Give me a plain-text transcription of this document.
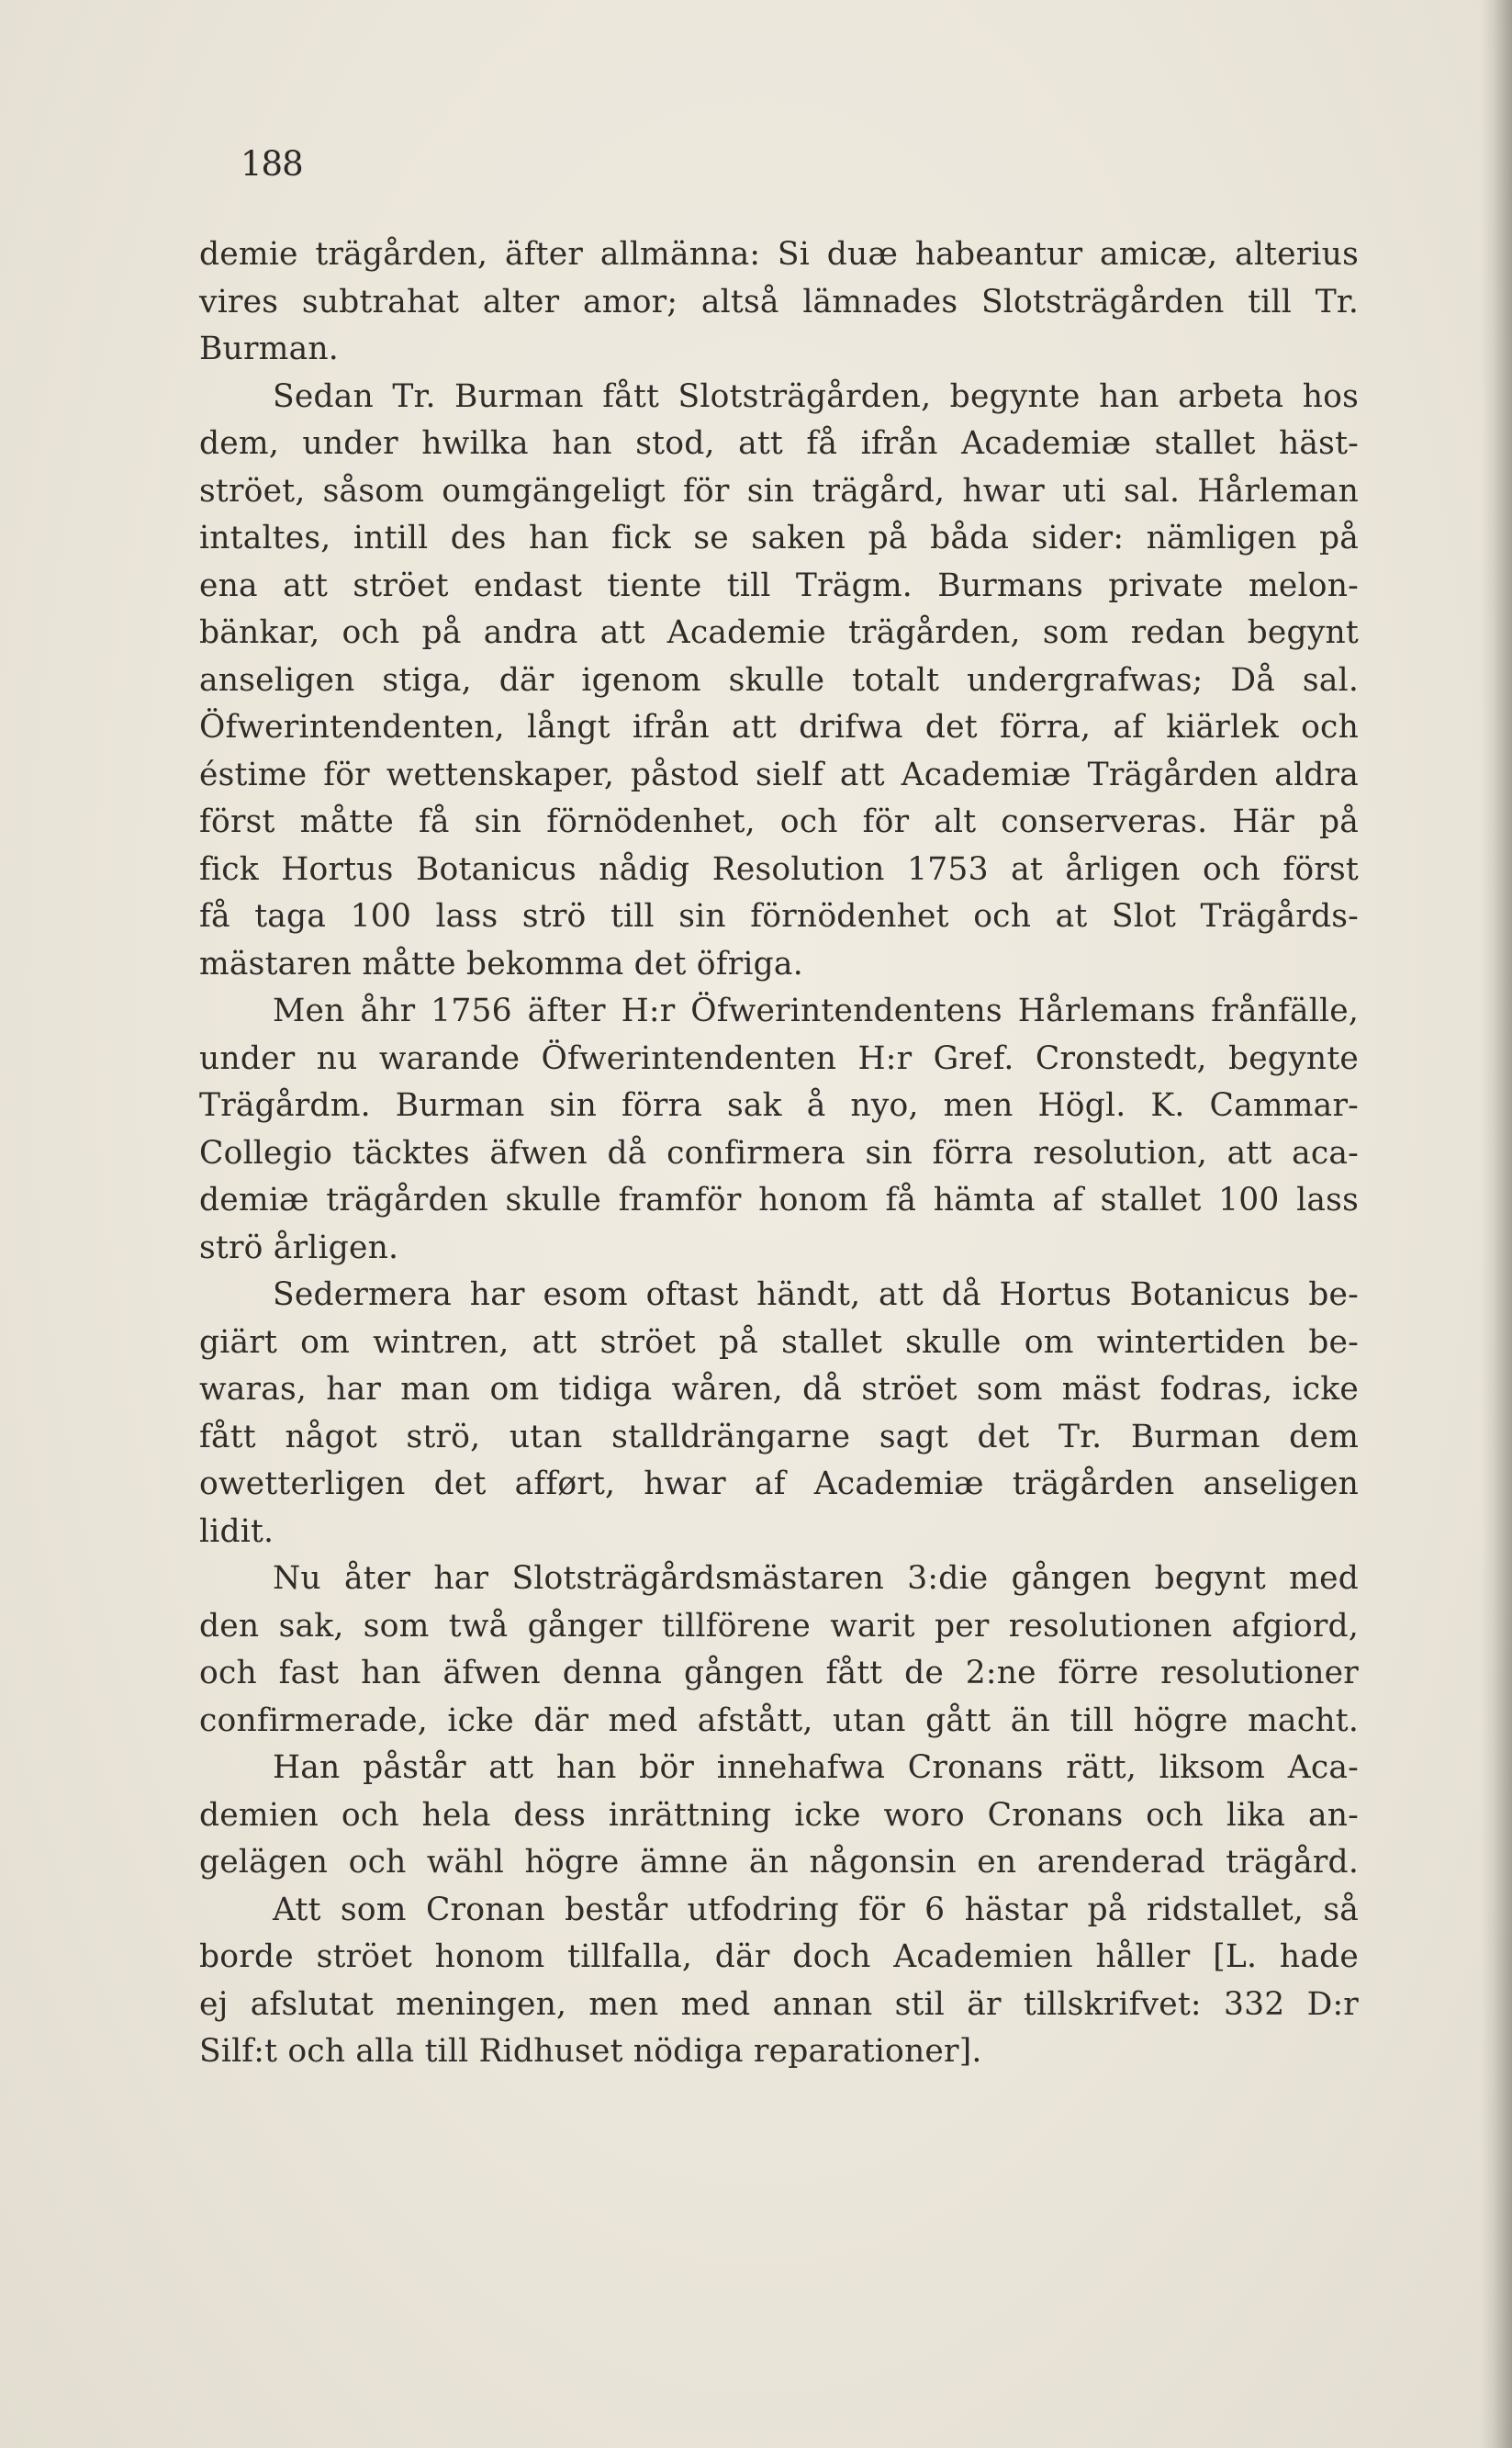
188

demie trägården, äfter allmänna: Si duæ habeantur amicæ, alterius

vires subtrahat alter amor; altså lämnades Slotsträgården till Tr.

Burman.

Sedan Tr. Burman fått Slotsträgården, begynte han arbeta hos

dem, under hwilka han stod, att få ifrån Academiæ stallet häst-

ströet, såsom oumgängeligt för sin trägård, hwar uti sal. Hårleman

intaltes, intill des han fick se saken på båda sider: nämligen på

ena att ströet endast tiente till Trägm. Burmans private melon-

bänkar, och på andra att Academie trägården, som redan begynt

anseligen stiga, där igenom skulle totalt undergrafwas; Då sal.

Öfwerintendenten, långt ifrån att drifwa det förra, af kiärlek och

éstime för wettenskaper, påstod sielf att Academiæ Trägården aldra

först måtte få sin förnödenhet, och för alt conserveras. Här på

fick Hortus Botanicus nådig Resolution 1753 at årligen och först

få taga 100 lass strö till sin förnödenhet och at Slot Trägårds-

mästaren måtte bekomma det öfriga.

Men åhr 1756 äfter H:r Öfwerintendentens Hårlemans frånfälle,

under nu warande Öfwerintendenten H:r Gref. Cronstedt, begynte

Trägårdm. Burman sin förra sak å nyo, men Högl. K. Cammar-

Collegio täcktes äfwen då confirmera sin förra resolution, att aca-

demiæ trägården skulle framför honom få hämta af stallet 100 lass

strö årligen.

Sedermera har esom oftast händt, att då Hortus Botanicus be-

giärt om wintren, att ströet på stallet skulle om wintertiden be-

waras, har man om tidiga wåren, då ströet som mäst fodras, icke

fått något strö, utan stalldrängarne sagt det Tr. Burman dem

owetterligen det afført, hwar af Academiæ trägården anseligen

lidit.

Nu åter har Slotsträgårdsmästaren 3:die gången begynt med

den sak, som twå gånger tillförene warit per resolutionen afgiord,

och fast han äfwen denna gången fått de 2:ne förre resolutioner

confirmerade, icke där med afstått, utan gått än till högre macht.

Han påstår att han bör innehafwa Cronans rätt, liksom Aca-

demien och hela dess inrättning icke woro Cronans och lika an-

gelägen och wähl högre ämne än någonsin en arenderad trägård.

Att som Cronan består utfodring för 6 hästar på ridstallet, så

borde ströet honom tillfalla, där doch Academien håller [L. hade

ej afslutat meningen, men med annan stil är tillskrifvet: 332 D:r

Silf:t och alla till Ridhuset nödiga reparationer].
